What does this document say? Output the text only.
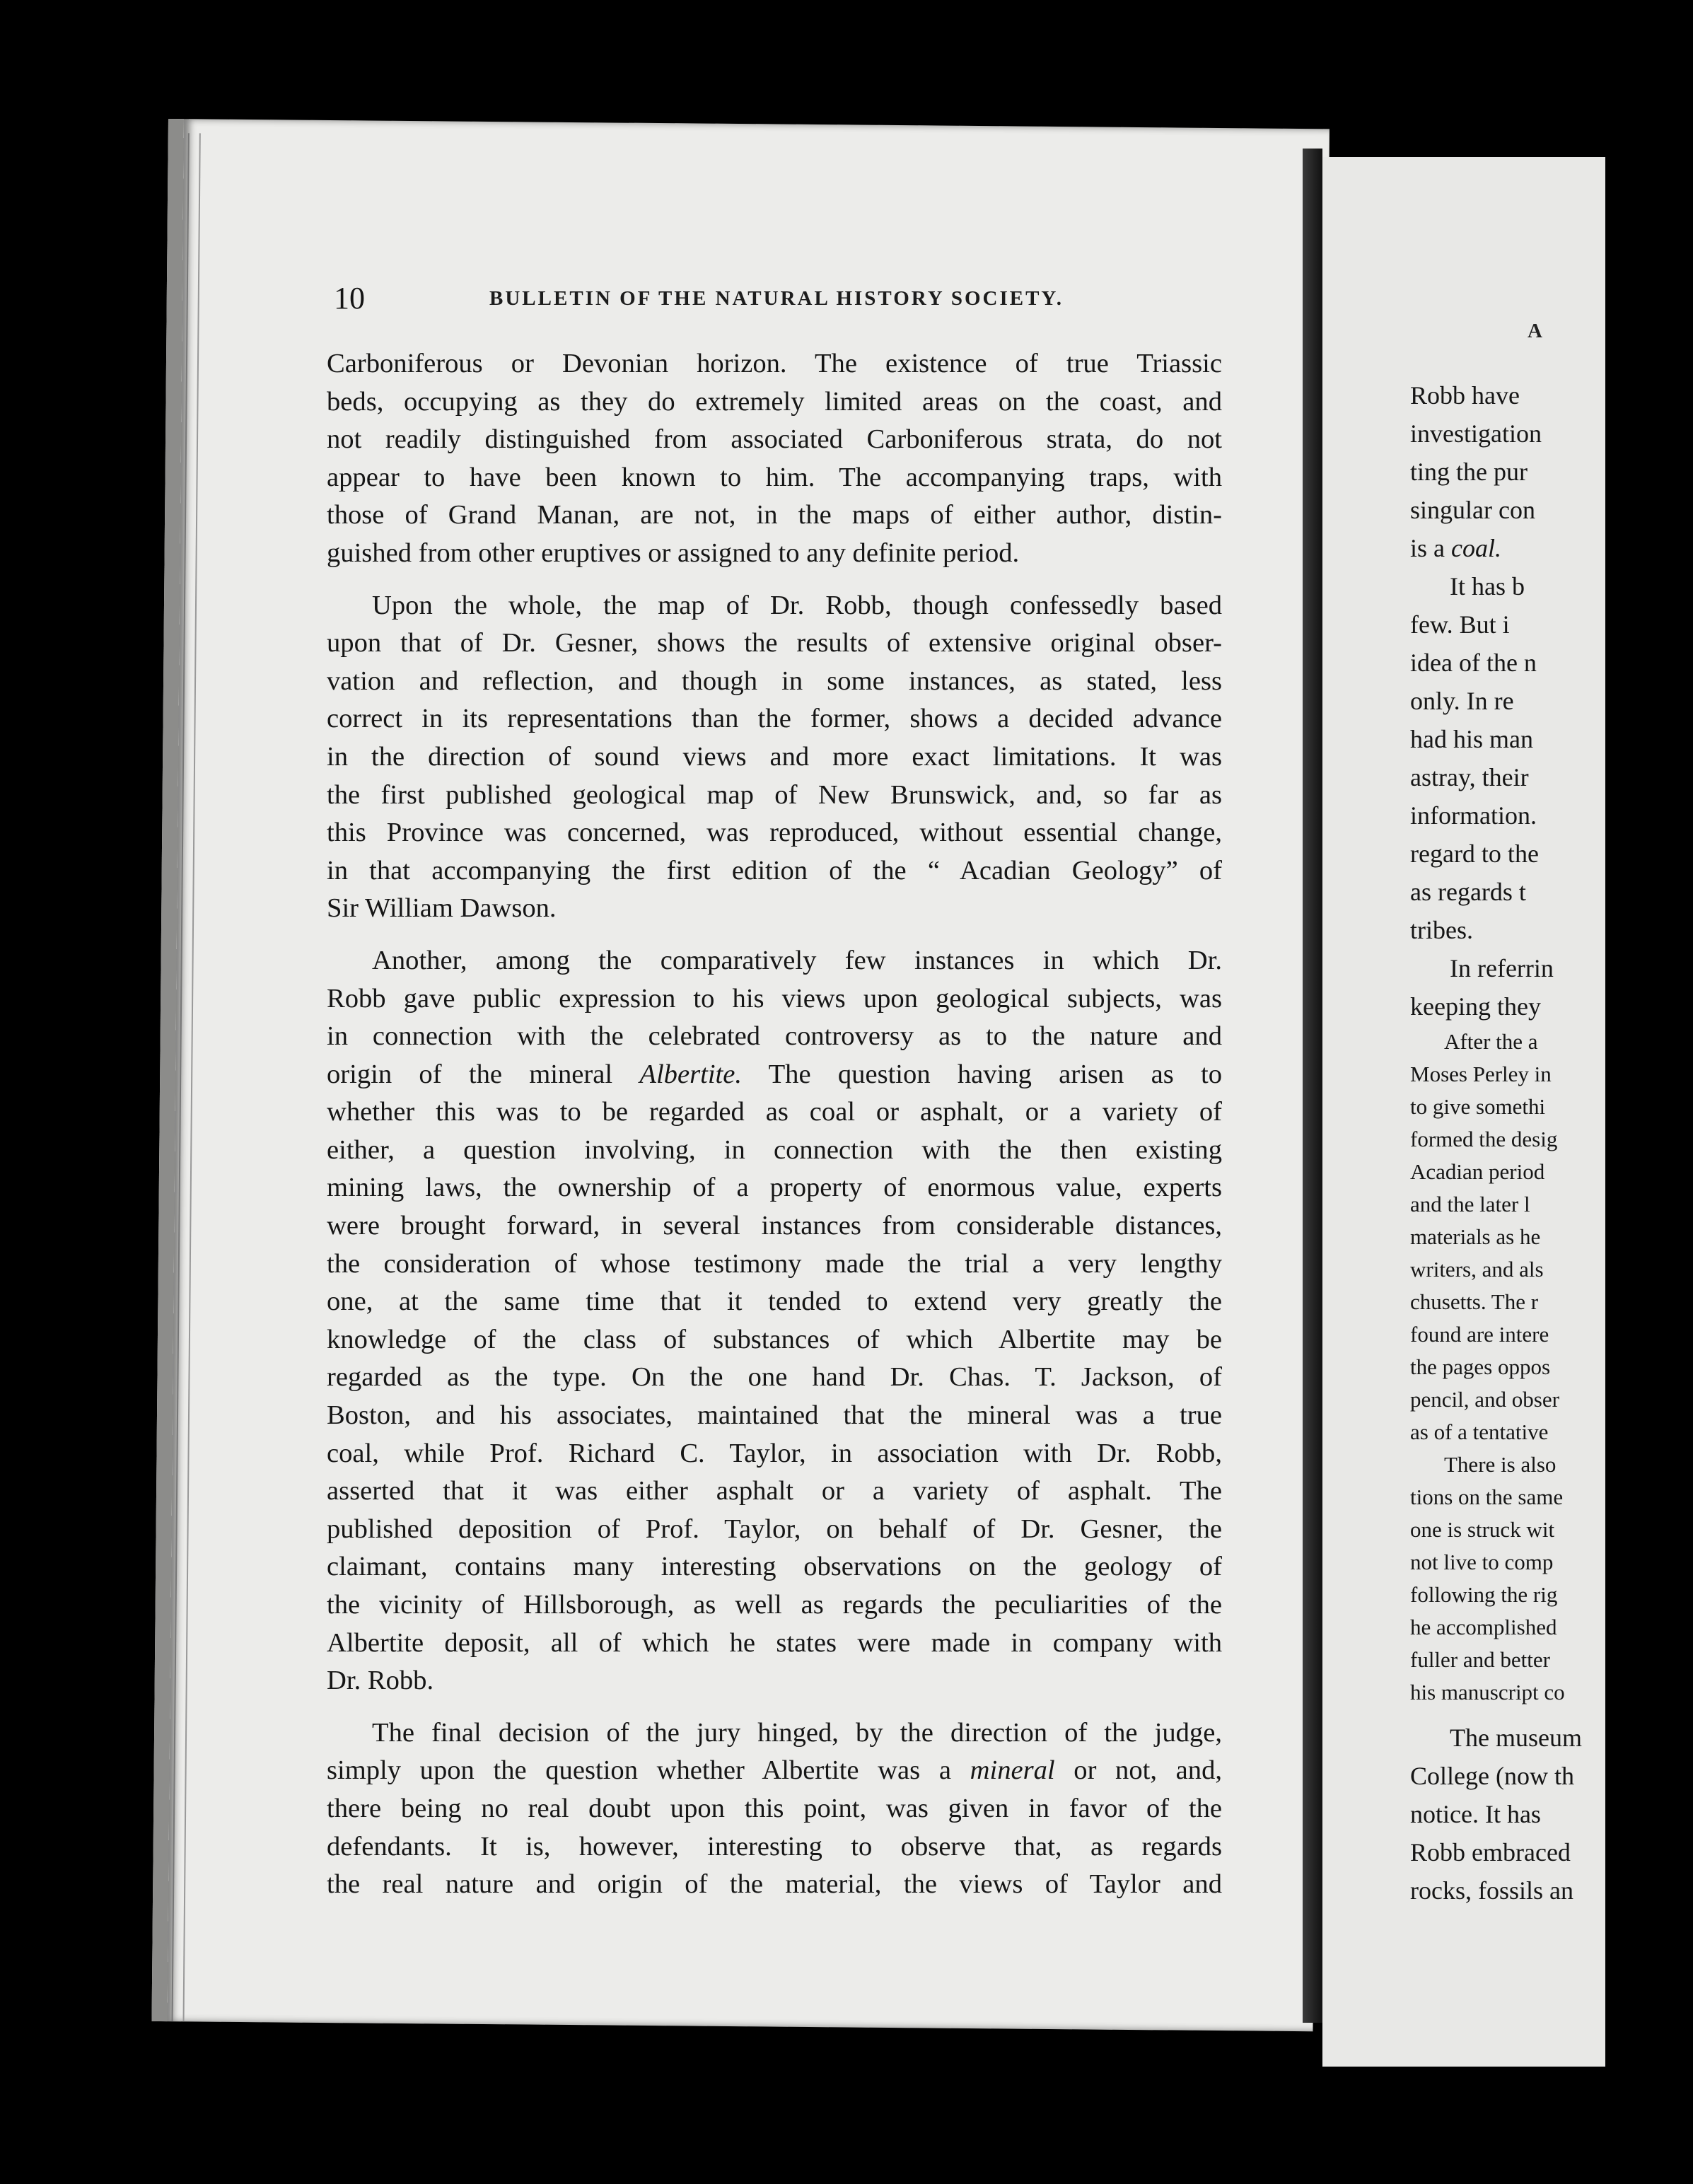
10	BULLETIN OF THE NATURAL HISTORY SOCIETY.
Carboniferous or Devonian horizon. The existence of true Triassic
beds, occupying as they do extremely limited areas on the coast, and
not readily distinguished from associated Carboniferous strata, do not
appear to have been known to him. The accompanying traps, with
those of Grand Manan, are not, in the maps of either author, distin-
guished from other eruptives or assigned to any definite period.
Upon the whole, the map of Dr. Robb, though confessedly based
upon that of Dr. Gesner, shows the results of extensive original obser-
vation and reflection, and though in some instances, as stated, less
correct in its representations than the former, shows a decided advance
in the direction of sound views and more exact limitations. It was
the first published geological map of New Brunswick, and, so far as
this Province was concerned, was reproduced, without essential change,
in that accompanying the first edition of the “ Acadian Geology” of
Sir William Dawson.
Another, among the comparatively few instances in which Dr.
Robb gave public expression to his views upon geological subjects, was
in connection with the celebrated controversy as to the nature and
origin of the mineral Albertite. The question having arisen as to
whether this was to be regarded as coal or asphalt, or a variety of
either, a question involving, in connection with the then existing
mining laws, the ownership of a property of enormous value, experts
were brought forward, in several instances from considerable distances,
the consideration of whose testimony made the trial a very lengthy
one, at the same time that it tended to extend very greatly the
knowledge of the class of substances of which Albertite may be
regarded as the type. On the one hand Dr. Chas. T. Jackson, of
Boston, and his associates, maintained that the mineral was a true
coal, while Prof. Richard C. Taylor, in association with Dr. Robb,
asserted that it was either asphalt or a variety of asphalt. The
published deposition of Prof. Taylor, on behalf of Dr. Gesner, the
claimant, contains many interesting observations on the geology of
the vicinity of Hillsborough, as well as regards the peculiarities of the
Albertite deposit, all of which he states were made in company with
Dr. Robb.
The final decision of the jury hinged, by the direction of the judge,
simply upon the question whether Albertite was a mineral or not, and,
there being no real doubt upon this point, was given in favor of the
defendants. It is, however, interesting to observe that, as regards
the real nature and origin of the material, the views of Taylor and
A
Robb have
investigation
ting the pur
singular con
is a coal.
It has b
few. But i
idea of the n
only. In re
had his man
astray, their
information.
regard to the
as regards t
tribes.
In referrin
keeping they
After the a
Moses Perley in
to give somethi
formed the desig
Acadian period
and the later l
materials as he
writers, and als
chusetts. The r
found are intere
the pages oppos
pencil, and obser
as of a tentative
There is also
tions on the same
one is struck wit
not live to comp
following the rig
he accomplished
fuller and better
his manuscript co
The museum
College (now th
notice. It has
Robb embraced
rocks, fossils an
